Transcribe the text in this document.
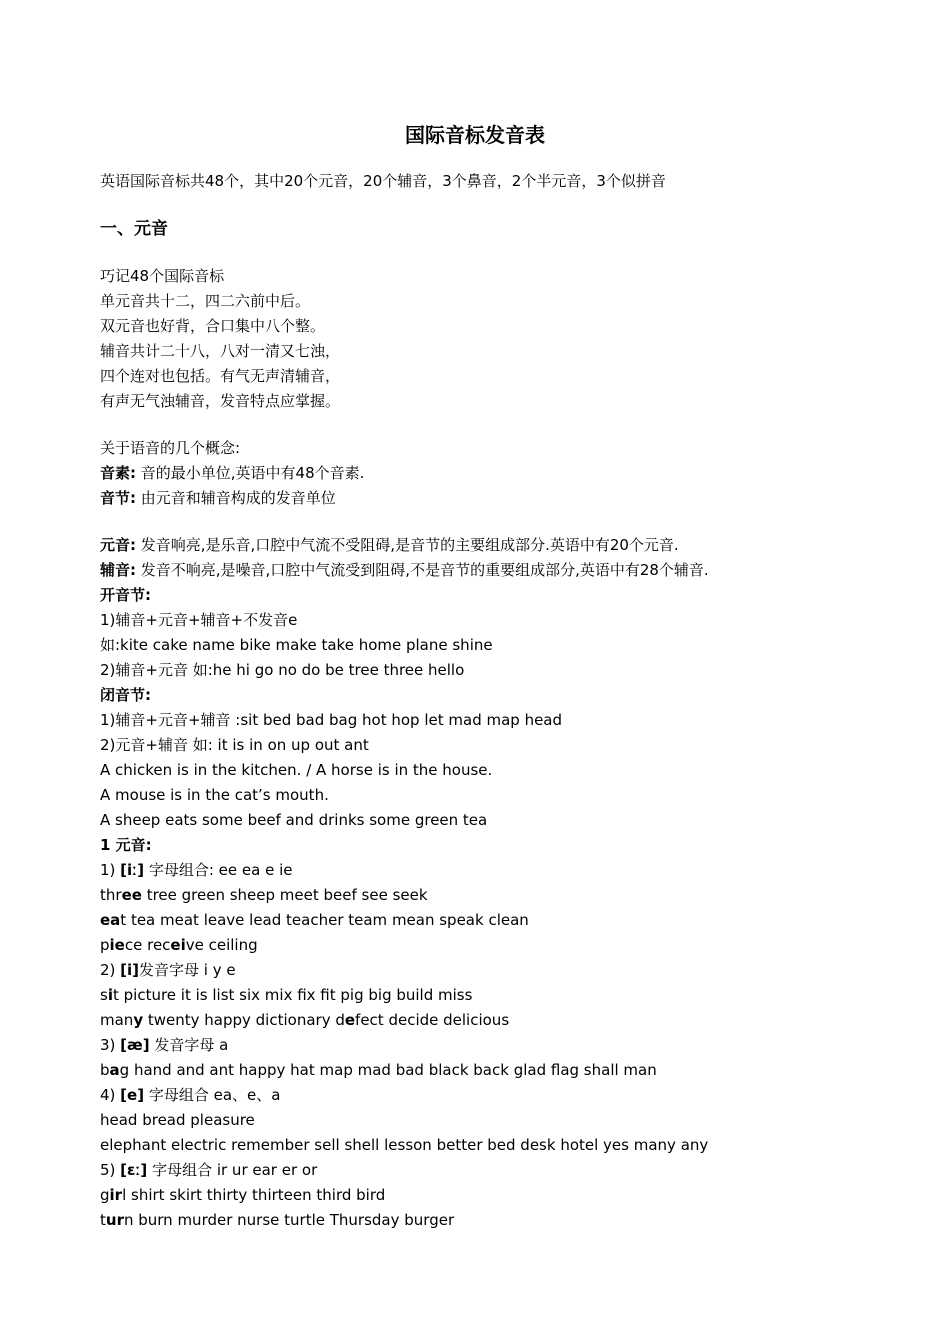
国际音标发音表
英语国际音标共48个，其中20个元音，20个辅音，3个鼻音，2个半元音，3个似拼音
一、元音
巧记48个国际音标
单元音共十二，四二六前中后。
双元音也好背，合口集中八个整。
辅音共计二十八，八对一清又七浊，
四个连对也包括。有气无声清辅音，
有声无气浊辅音，发音特点应掌握。
关于语音的几个概念:
音素: 音的最小单位,英语中有48个音素.
音节: 由元音和辅音构成的发音单位
元音: 发音响亮,是乐音,口腔中气流不受阻碍,是音节的主要组成部分.英语中有20个元音.
辅音: 发音不响亮,是噪音,口腔中气流受到阻碍,不是音节的重要组成部分,英语中有28个辅音.
开音节:
1)辅音+元音+辅音+不发音e
如:kite cake name bike make take home plane shine
2)辅音+元音 如:he hi go no do be tree three hello
闭音节:
1)辅音+元音+辅音 :sit bed bad bag hot hop let mad map head
2)元音+辅音 如: it is in on up out ant
A chicken is in the kitchen. / A horse is in the house.
A mouse is in the cat’s mouth.
A sheep eats some beef and drinks some green tea
1 元音:
1) [iː] 字母组合: ee ea e ie
three tree green sheep meet beef see seek
eat tea meat leave lead teacher team mean speak clean
piece receive ceiling
2) [i]发音字母 i y e
sit picture it is list six mix fix fit pig big build miss
many twenty happy dictionary defect decide delicious
3) [æ] 发音字母 a
bag hand and ant happy hat map mad bad black back glad flag shall man
4) [e] 字母组合 ea、e、a
head bread pleasure
elephant electric remember sell shell lesson better bed desk hotel yes many any
5) [ɛː] 字母组合 ir ur ear er or
girl shirt skirt thirty thirteen third bird
turn burn murder nurse turtle Thursday burger
